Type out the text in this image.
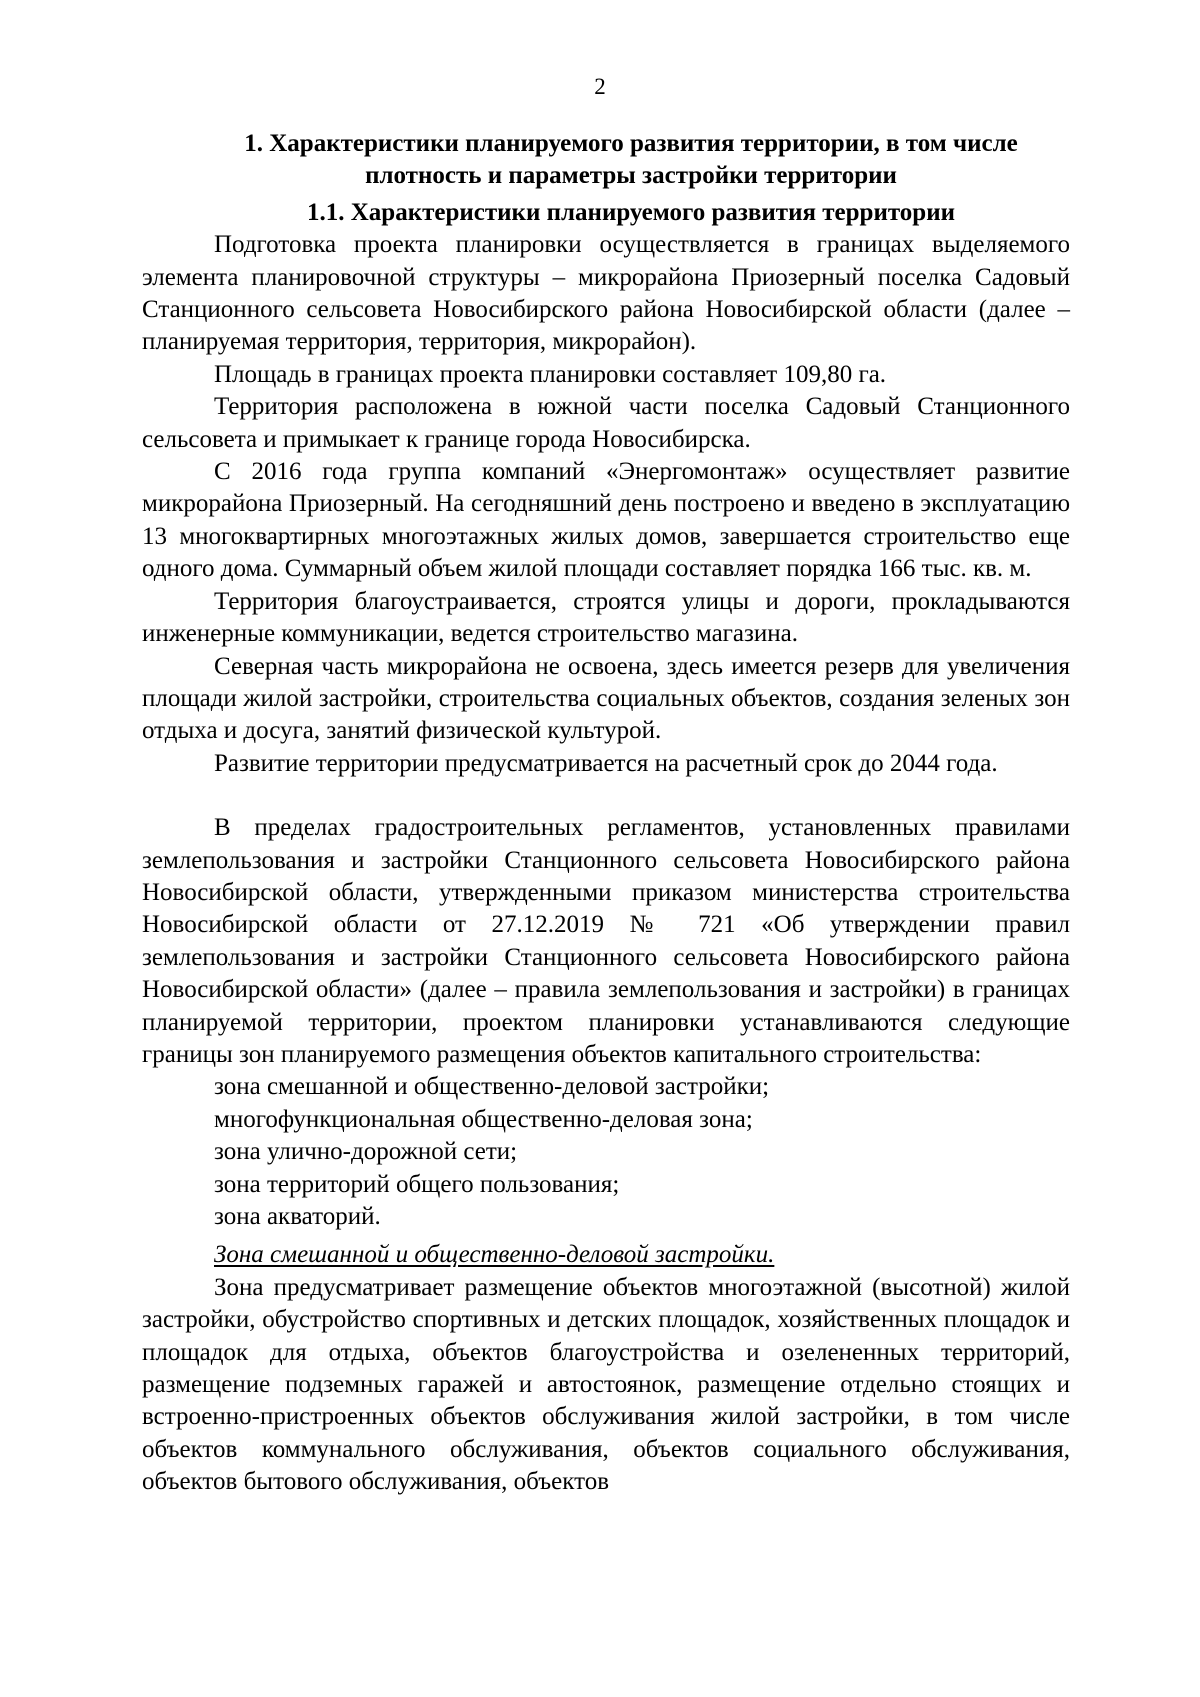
2
1. Характеристики планируемого развития территории, в том числе
плотность и параметры застройки территории
1.1. Характеристики планируемого развития территории

Подготовка проекта планировки осуществляется в границах выделяемого элемента планировочной структуры – микрорайона Приозерный поселка Садовый Станционного сельсовета Новосибирского района Новосибирской области (далее – планируемая территория, территория, микрорайон).

Площадь в границах проекта планировки составляет 109,80 га.

Территория расположена в южной части поселка Садовый Станционного сельсовета и примыкает к границе города Новосибирска.

С 2016 года группа компаний «Энергомонтаж» осуществляет развитие микрорайона Приозерный. На сегодняшний день построено и введено в эксплуатацию 13 многоквартирных многоэтажных жилых домов, завершается строительство еще одного дома. Суммарный объем жилой площади составляет порядка 166 тыс. кв. м.

Территория благоустраивается, строятся улицы и дороги, прокладываются инженерные коммуникации, ведется строительство магазина.

Северная часть микрорайона не освоена, здесь имеется резерв для увеличения площади жилой застройки, строительства социальных объектов, создания зеленых зон отдыха и досуга, занятий физической культурой.

Развитие территории предусматривается на расчетный срок до 2044 года.

В пределах градостроительных регламентов, установленных правилами землепользования и застройки Станционного сельсовета Новосибирского района Новосибирской области, утвержденными приказом министерства строительства Новосибирской области от 27.12.2019 № 721 «Об утверждении правил землепользования и застройки Станционного сельсовета Новосибирского района Новосибирской области» (далее – правила землепользования и застройки) в границах планируемой территории, проектом планировки устанавливаются следующие границы зон планируемого размещения объектов капитального строительства:

зона смешанной и общественно-деловой застройки;
многофункциональная общественно-деловая зона;
зона улично-дорожной сети;
зона территорий общего пользования;
зона акваторий.
Зона смешанной и общественно-деловой застройки.

Зона предусматривает размещение объектов многоэтажной (высотной) жилой застройки, обустройство спортивных и детских площадок, хозяйственных площадок и площадок для отдыха, объектов благоустройства и озелененных территорий, размещение подземных гаражей и автостоянок, размещение отдельно стоящих и встроенно-пристроенных объектов обслуживания жилой застройки, в том числе объектов коммунального обслуживания, объектов социального обслуживания, объектов бытового обслуживания, объектов
